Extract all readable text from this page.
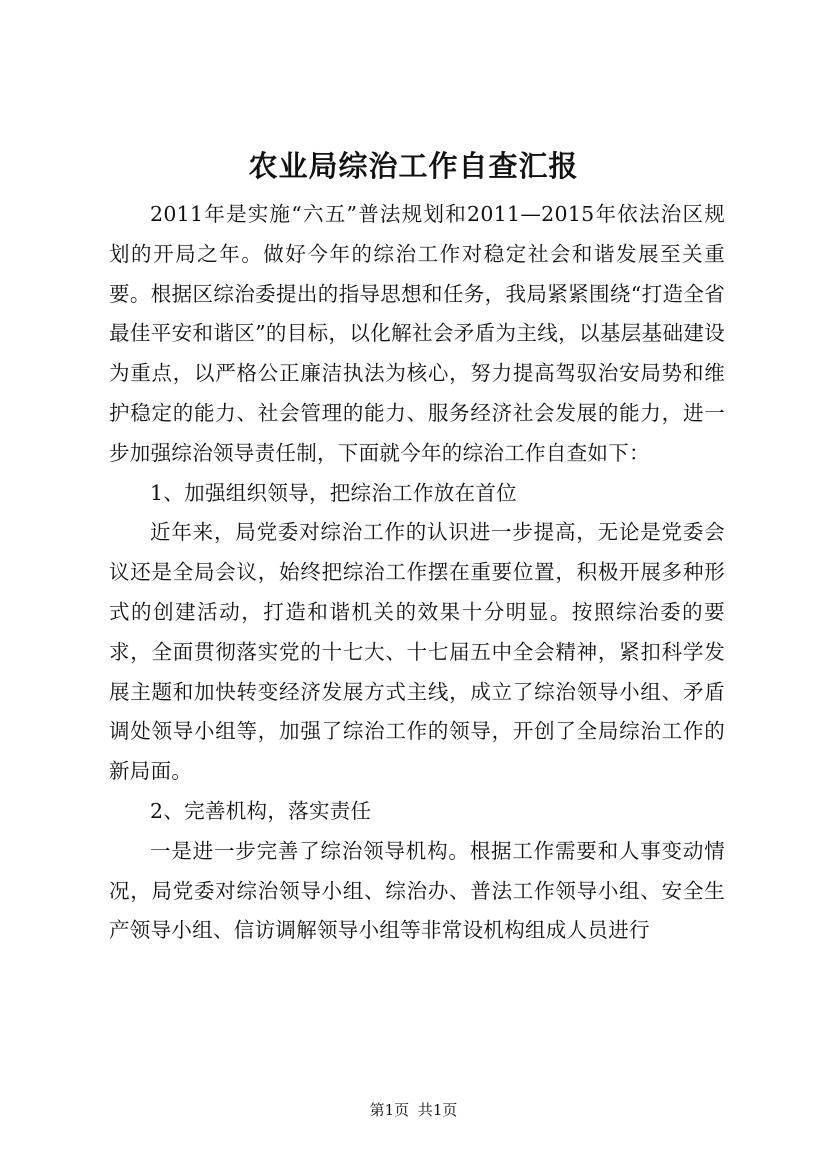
农业局综治工作自查汇报

2011年是实施“六五”普法规划和2011—2015年依法治区规划的开局之年。做好今年的综治工作对稳定社会和谐发展至关重要。根据区综治委提出的指导思想和任务，我局紧紧围绕“打造全省最佳平安和谐区”的目标，以化解社会矛盾为主线，以基层基础建设为重点，以严格公正廉洁执法为核心，努力提高驾驭治安局势和维护稳定的能力、社会管理的能力、服务经济社会发展的能力，进一步加强综治领导责任制，下面就今年的综治工作自查如下：

1、加强组织领导，把综治工作放在首位

近年来，局党委对综治工作的认识进一步提高，无论是党委会议还是全局会议，始终把综治工作摆在重要位置，积极开展多种形式的创建活动，打造和谐机关的效果十分明显。按照综治委的要求，全面贯彻落实党的十七大、十七届五中全会精神，紧扣科学发展主题和加快转变经济发展方式主线，成立了综治领导小组、矛盾调处领导小组等，加强了综治工作的领导，开创了全局综治工作的新局面。

2、完善机构，落实责任

一是进一步完善了综治领导机构。根据工作需要和人事变动情况，局党委对综治领导小组、综治办、普法工作领导小组、安全生产领导小组、信访调解领导小组等非常设机构组成人员进行

第1页 共1页
